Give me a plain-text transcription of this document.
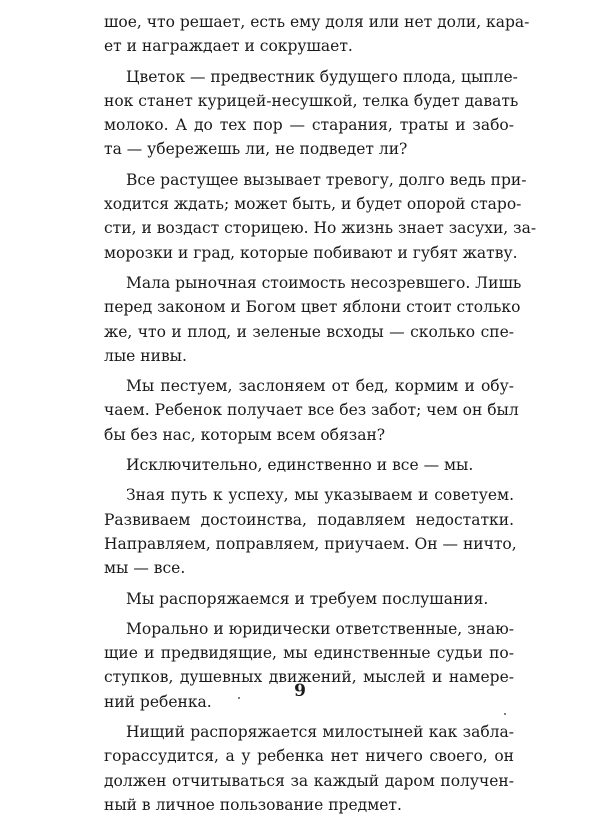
шое, что решает, есть ему доля или нет доли, кара-
ет и награждает и сокрушает.
Цветок — предвестник будущего плода, цыпле-
нок станет курицей-несушкой, телка будет давать
молоко. А до тех пор — старания, траты и забо-
та — убережешь ли, не подведет ли?
Все растущее вызывает тревогу, долго ведь при-
ходится ждать; может быть, и будет опорой старо-
сти, и воздаст сторицею. Но жизнь знает засухи, за-
морозки и град, которые побивают и губят жатву.
Мала рыночная стоимость несозревшего. Лишь
перед законом и Богом цвет яблони стоит столько
же, что и плод, и зеленые всходы — сколько спе-
лые нивы.
Мы пестуем, заслоняем от бед, кормим и обу-
чаем. Ребенок получает все без забот; чем он был
бы без нас, которым всем обязан?
Исключительно, единственно и все — мы.
Зная путь к успеху, мы указываем и советуем.
Развиваем достоинства, подавляем недостатки.
Направляем, поправляем, приучаем. Он — ничто,
мы — все.
Мы распоряжаемся и требуем послушания.
Морально и юридически ответственные, знаю-
щие и предвидящие, мы единственные судьи по-
ступков, душевных движений, мыслей и намере-
ний ребенка.
Нищий распоряжается милостыней как забла-
горассудится, а у ребенка нет ничего своего, он
должен отчитываться за каждый даром получен-
ный в личное пользование предмет.
9
